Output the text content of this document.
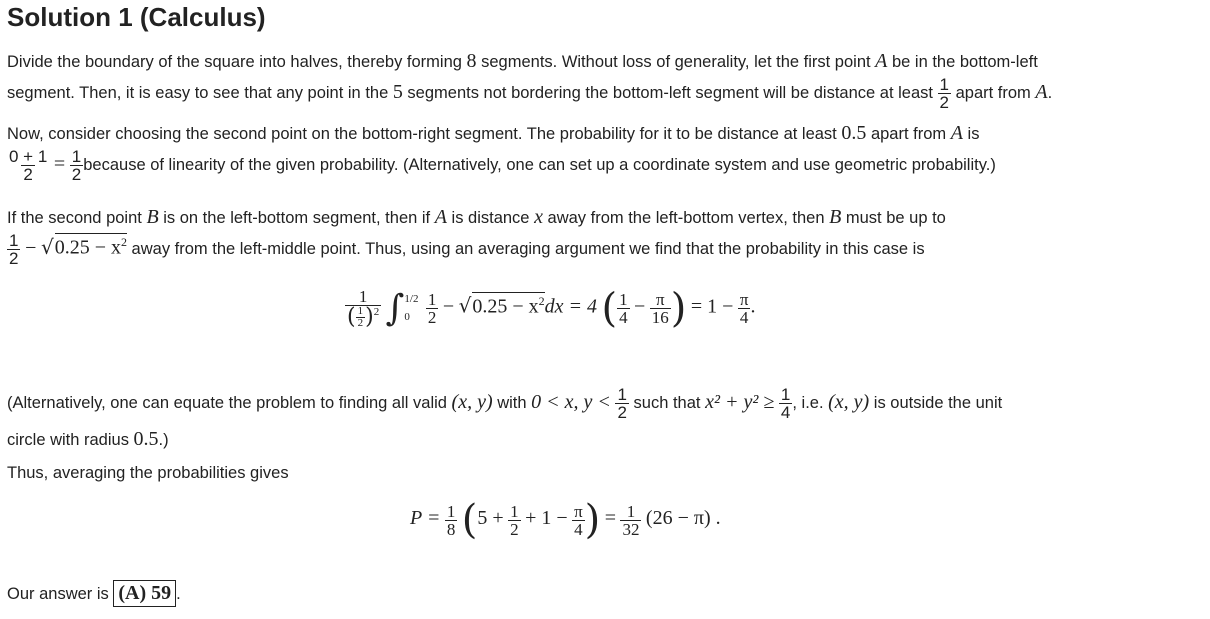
Solution 1 (Calculus)
Divide the boundary of the square into halves, thereby forming 8 segments. Without loss of generality, let the first point A be in the bottom-left
segment. Then, it is easy to see that any point in the 5 segments not bordering the bottom-left segment will be distance at least $\frac{1}{2}$ apart from A.
Now, consider choosing the second point on the bottom-right segment. The probability for it to be distance at least 0.5 apart from A is
$\frac{0 + 1}{2} = \frac{1}{2}$ because of linearity of the given probability. (Alternatively, one can set up a coordinate system and use geometric probability.)
If the second point B is on the left-bottom segment, then if A is distance x away from the left-bottom vertex, then B must be up to
$\frac{1}{2} - √0.25 - x^2$ away from the left-middle point. Thus, using an averaging argument we find that the probability in this case is
$\frac{1}{( \frac{1}{2} )^2}$ ∫ 1/2
0
$\frac{1}{2} - √0.25 - x^2dx = 4$ ( $\frac{1}{4} - \frac{\pi}{16}$ ) = $1 - \frac{\pi}{4}$ .
(Alternatively, one can equate the problem to finding all valid (x, y) with 0 < x, $y < \frac{1}{2}$ such that $x^2 + y^2 \ge \frac{1}{4}$ , i.e. (x, y) is outside the unit
circle with radius 0.5.)
Thus, averaging the probabilities gives
$P = \frac{1}{8} (5 + \frac{1}{2} + 1 - \frac{\pi}{4}$ ) = $\frac{1}{32} (26 - \pi)$ .
Our answer is (A) 59 .
